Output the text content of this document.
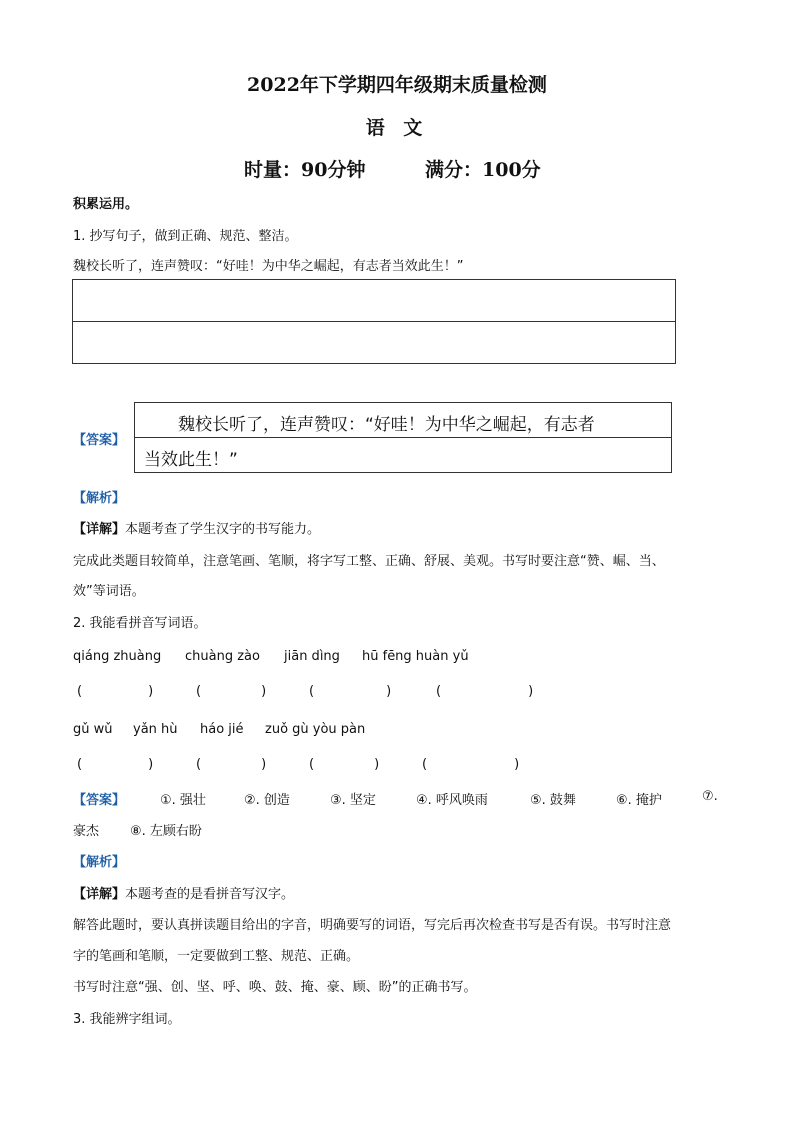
2022年下学期四年级期末质量检测
语 文
时量：90分钟	满分：100分
积累运用。
1. 抄写句子，做到正确、规范、整洁。
魏校长听了，连声赞叹：“好哇！为中华之崛起，有志者当效此生！”
【答案】
魏校长听了，连声赞叹：“好哇！为中华之崛起，有志者
当效此生！”
【解析】
【详解】本题考查了学生汉字的书写能力。
完成此类题目较简单，注意笔画、笔顺，将字写工整、正确、舒展、美观。书写时要注意“赞、崛、当、
效”等词语。
2. 我能看拼音写词语。
qiáng zhuàng chuàng zào jiān dìng hū fēng huàn yǔ
(	)	(	)	(	)	(	)
gǔ wǔ yǎn hù háo jié zuǒ gù yòu pàn
(	)	(	)	(	)	(	)
【答案】	①. 强壮	②. 创造	③. 坚定	④. 呼风唤雨	⑤. 鼓舞	⑥. 掩护	⑦.
豪杰 ⑧. 左顾右盼
【解析】
【详解】本题考查的是看拼音写汉字。
解答此题时，要认真拼读题目给出的字音，明确要写的词语，写完后再次检查书写是否有误。书写时注意
字的笔画和笔顺，一定要做到工整、规范、正确。
书写时注意“强、创、坚、呼、唤、鼓、掩、豪、顾、盼”的正确书写。
3. 我能辨字组词。
